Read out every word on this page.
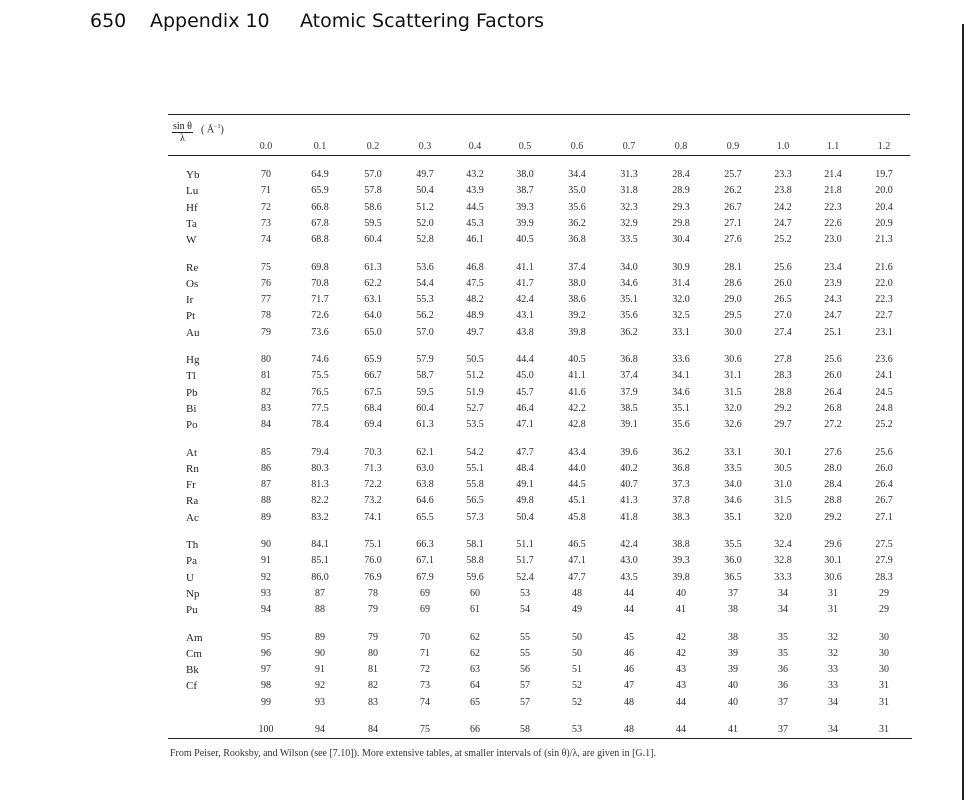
650 Appendix 10 Atomic Scattering Factors
$\frac{\text{sin θ}}{\lambda}$ ( $Å^{-1}$)
0.0	0.1	0.2	0.3	0.4	0.5	0.6	0.7	0.8	0.9	1.0	1.1	1.2
Yb	70	64.9	57.0	49.7	43.2	38.0	34.4	31.3	28.4	25.7	23.3	21.4	19.7
Lu	71	65.9	57.8	50.4	43.9	38.7	35.0	31.8	28.9	26.2	23.8	21.8	20.0
Hf	72	66.8	58.6	51.2	44.5	39.3	35.6	32.3	29.3	26.7	24.2	22.3	20.4
Ta	73	67.8	59.5	52.0	45.3	39.9	36.2	32.9	29.8	27.1	24.7	22.6	20.9
W	74	68.8	60.4	52.8	46.1	40.5	36.8	33.5	30.4	27.6	25.2	23.0	21.3
Re	75	69.8	61.3	53.6	46.8	41.1	37.4	34.0	30.9	28.1	25.6	23.4	21.6
Os	76	70.8	62.2	54.4	47.5	41.7	38.0	34.6	31.4	28.6	26.0	23.9	22.0
Ir	77	71.7	63.1	55.3	48.2	42.4	38.6	35.1	32.0	29.0	26.5	24.3	22.3
Pt	78	72.6	64.0	56.2	48.9	43.1	39.2	35.6	32.5	29.5	27.0	24.7	22.7
Au	79	73.6	65.0	57.0	49.7	43.8	39.8	36.2	33.1	30.0	27.4	25.1	23.1
Hg	80	74.6	65.9	57.9	50.5	44.4	40.5	36.8	33.6	30.6	27.8	25.6	23.6
Tl	81	75.5	66.7	58.7	51.2	45.0	41.1	37.4	34.1	31.1	28.3	26.0	24.1
Pb	82	76.5	67.5	59.5	51.9	45.7	41.6	37.9	34.6	31.5	28.8	26.4	24.5
Bi	83	77.5	68.4	60.4	52.7	46.4	42.2	38.5	35.1	32.0	29.2	26.8	24.8
Po	84	78.4	69.4	61.3	53.5	47.1	42.8	39.1	35.6	32.6	29.7	27.2	25.2
At	85	79.4	70.3	62.1	54.2	47.7	43.4	39.6	36.2	33.1	30.1	27.6	25.6
Rn	86	80.3	71.3	63.0	55.1	48.4	44.0	40.2	36.8	33.5	30.5	28.0	26.0
Fr	87	81.3	72.2	63.8	55.8	49.1	44.5	40.7	37.3	34.0	31.0	28.4	26.4
Ra	88	82.2	73.2	64.6	56.5	49.8	45.1	41.3	37.8	34.6	31.5	28.8	26.7
Ac	89	83.2	74.1	65.5	57.3	50.4	45.8	41.8	38.3	35.1	32.0	29.2	27.1
Th	90	84.1	75.1	66.3	58.1	51.1	46.5	42.4	38.8	35.5	32.4	29.6	27.5
Pa	91	85.1	76.0	67.1	58.8	51.7	47.1	43.0	39.3	36.0	32.8	30.1	27.9
U	92	86.0	76.9	67.9	59.6	52.4	47.7	43.5	39.8	36.5	33.3	30.6	28.3
Np	93	87	78	69	60	53	48	44	40	37	34	31	29
Pu	94	88	79	69	61	54	49	44	41	38	34	31	29
Am	95	89	79	70	62	55	50	45	42	38	35	32	30
Cm	96	90	80	71	62	55	50	46	42	39	35	32	30
Bk	97	91	81	72	63	56	51	46	43	39	36	33	30
Cf	98	92	82	73	64	57	52	47	43	40	36	33	31
99	93	83	74	65	57	52	48	44	40	37	34	31
100	94	84	75	66	58	53	48	44	41	37	34	31
From Peiser, Rooksby, and Wilson (see [7.10]). More extensive tables, at smaller intervals of (sin θ)/λ, are given in [G.1].
